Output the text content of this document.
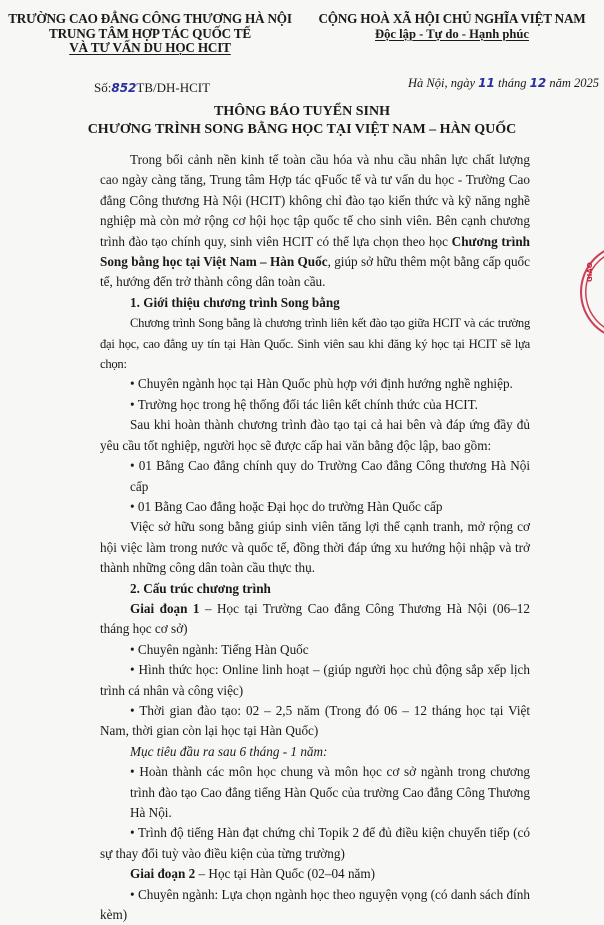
TRƯỜNG CAO ĐẲNG CÔNG THƯƠNG HÀ NỘI
TRUNG TÂM HỢP TÁC QUỐC TẾ
VÀ TƯ VẤN DU HỌC HCIT
CỘNG HOÀ XÃ HỘI CHỦ NGHĨA VIỆT NAM
Độc lập - Tự do - Hạnh phúc
Hà Nội, ngày 11 tháng 12 năm 2025
Số:852TB/DH-HCIT
THÔNG BÁO TUYỂN SINH
CHƯƠNG TRÌNH SONG BẰNG HỌC TẠI VIỆT NAM – HÀN QUỐC

Trong bối cảnh nền kinh tế toàn cầu hóa và nhu cầu nhân lực chất lượng cao ngày càng tăng, Trung tâm Hợp tác qFuốc tế và tư vấn du học - Trường Cao đẳng Công thương Hà Nội (HCIT) không chỉ đào tạo kiến thức và kỹ năng nghề nghiệp mà còn mở rộng cơ hội học tập quốc tế cho sinh viên. Bên cạnh chương trình đào tạo chính quy, sinh viên HCIT có thể lựa chọn theo học Chương trình Song bằng học tại Việt Nam – Hàn Quốc, giúp sở hữu thêm một bằng cấp quốc tế, hướng đến trở thành công dân toàn cầu.

1. Giới thiệu chương trình Song bằng

Chương trình Song bằng là chương trình liên kết đào tạo giữa HCIT và các trường đại học, cao đẳng uy tín tại Hàn Quốc. Sinh viên sau khi đăng ký học tại HCIT sẽ lựa chọn:

• Chuyên ngành học tại Hàn Quốc phù hợp với định hướng nghề nghiệp.

• Trường học trong hệ thống đối tác liên kết chính thức của HCIT.

Sau khi hoàn thành chương trình đào tạo tại cả hai bên và đáp ứng đầy đủ yêu cầu tốt nghiệp, người học sẽ được cấp hai văn bằng độc lập, bao gồm:

• 01 Bằng Cao đẳng chính quy do Trường Cao đẳng Công thương Hà Nội cấp

• 01 Bằng Cao đẳng hoặc Đại học do trường Hàn Quốc cấp

Việc sở hữu song bằng giúp sinh viên tăng lợi thế cạnh tranh, mở rộng cơ hội việc làm trong nước và quốc tế, đồng thời đáp ứng xu hướng hội nhập và trở thành những công dân toàn cầu thực thụ.

2. Cấu trúc chương trình

Giai đoạn 1 – Học tại Trường Cao đẳng Công Thương Hà Nội (06–12 tháng học cơ sở)

• Chuyên ngành: Tiếng Hàn Quốc

• Hình thức học: Online linh hoạt – (giúp người học chủ động sắp xếp lịch trình cá nhân và công việc)

• Thời gian đào tạo: 02 – 2,5 năm (Trong đó 06 – 12 tháng học tại Việt Nam, thời gian còn lại học tại Hàn Quốc)

Mục tiêu đầu ra sau 6 tháng - 1 năm:

• Hoàn thành các môn học chung và môn học cơ sở ngành trong chương trình đào tạo Cao đẳng tiếng Hàn Quốc của trường Cao đẳng Công Thương Hà Nội.

• Trình độ tiếng Hàn đạt chứng chỉ Topik 2 để đủ điều kiện chuyển tiếp (có sự thay đổi tuỳ vào điều kiện của từng trường)

Giai đoạn 2 – Học tại Hàn Quốc (02–04 năm)

• Chuyên ngành: Lựa chọn ngành học theo nguyện vọng (có danh sách đính kèm)

GIÁO
